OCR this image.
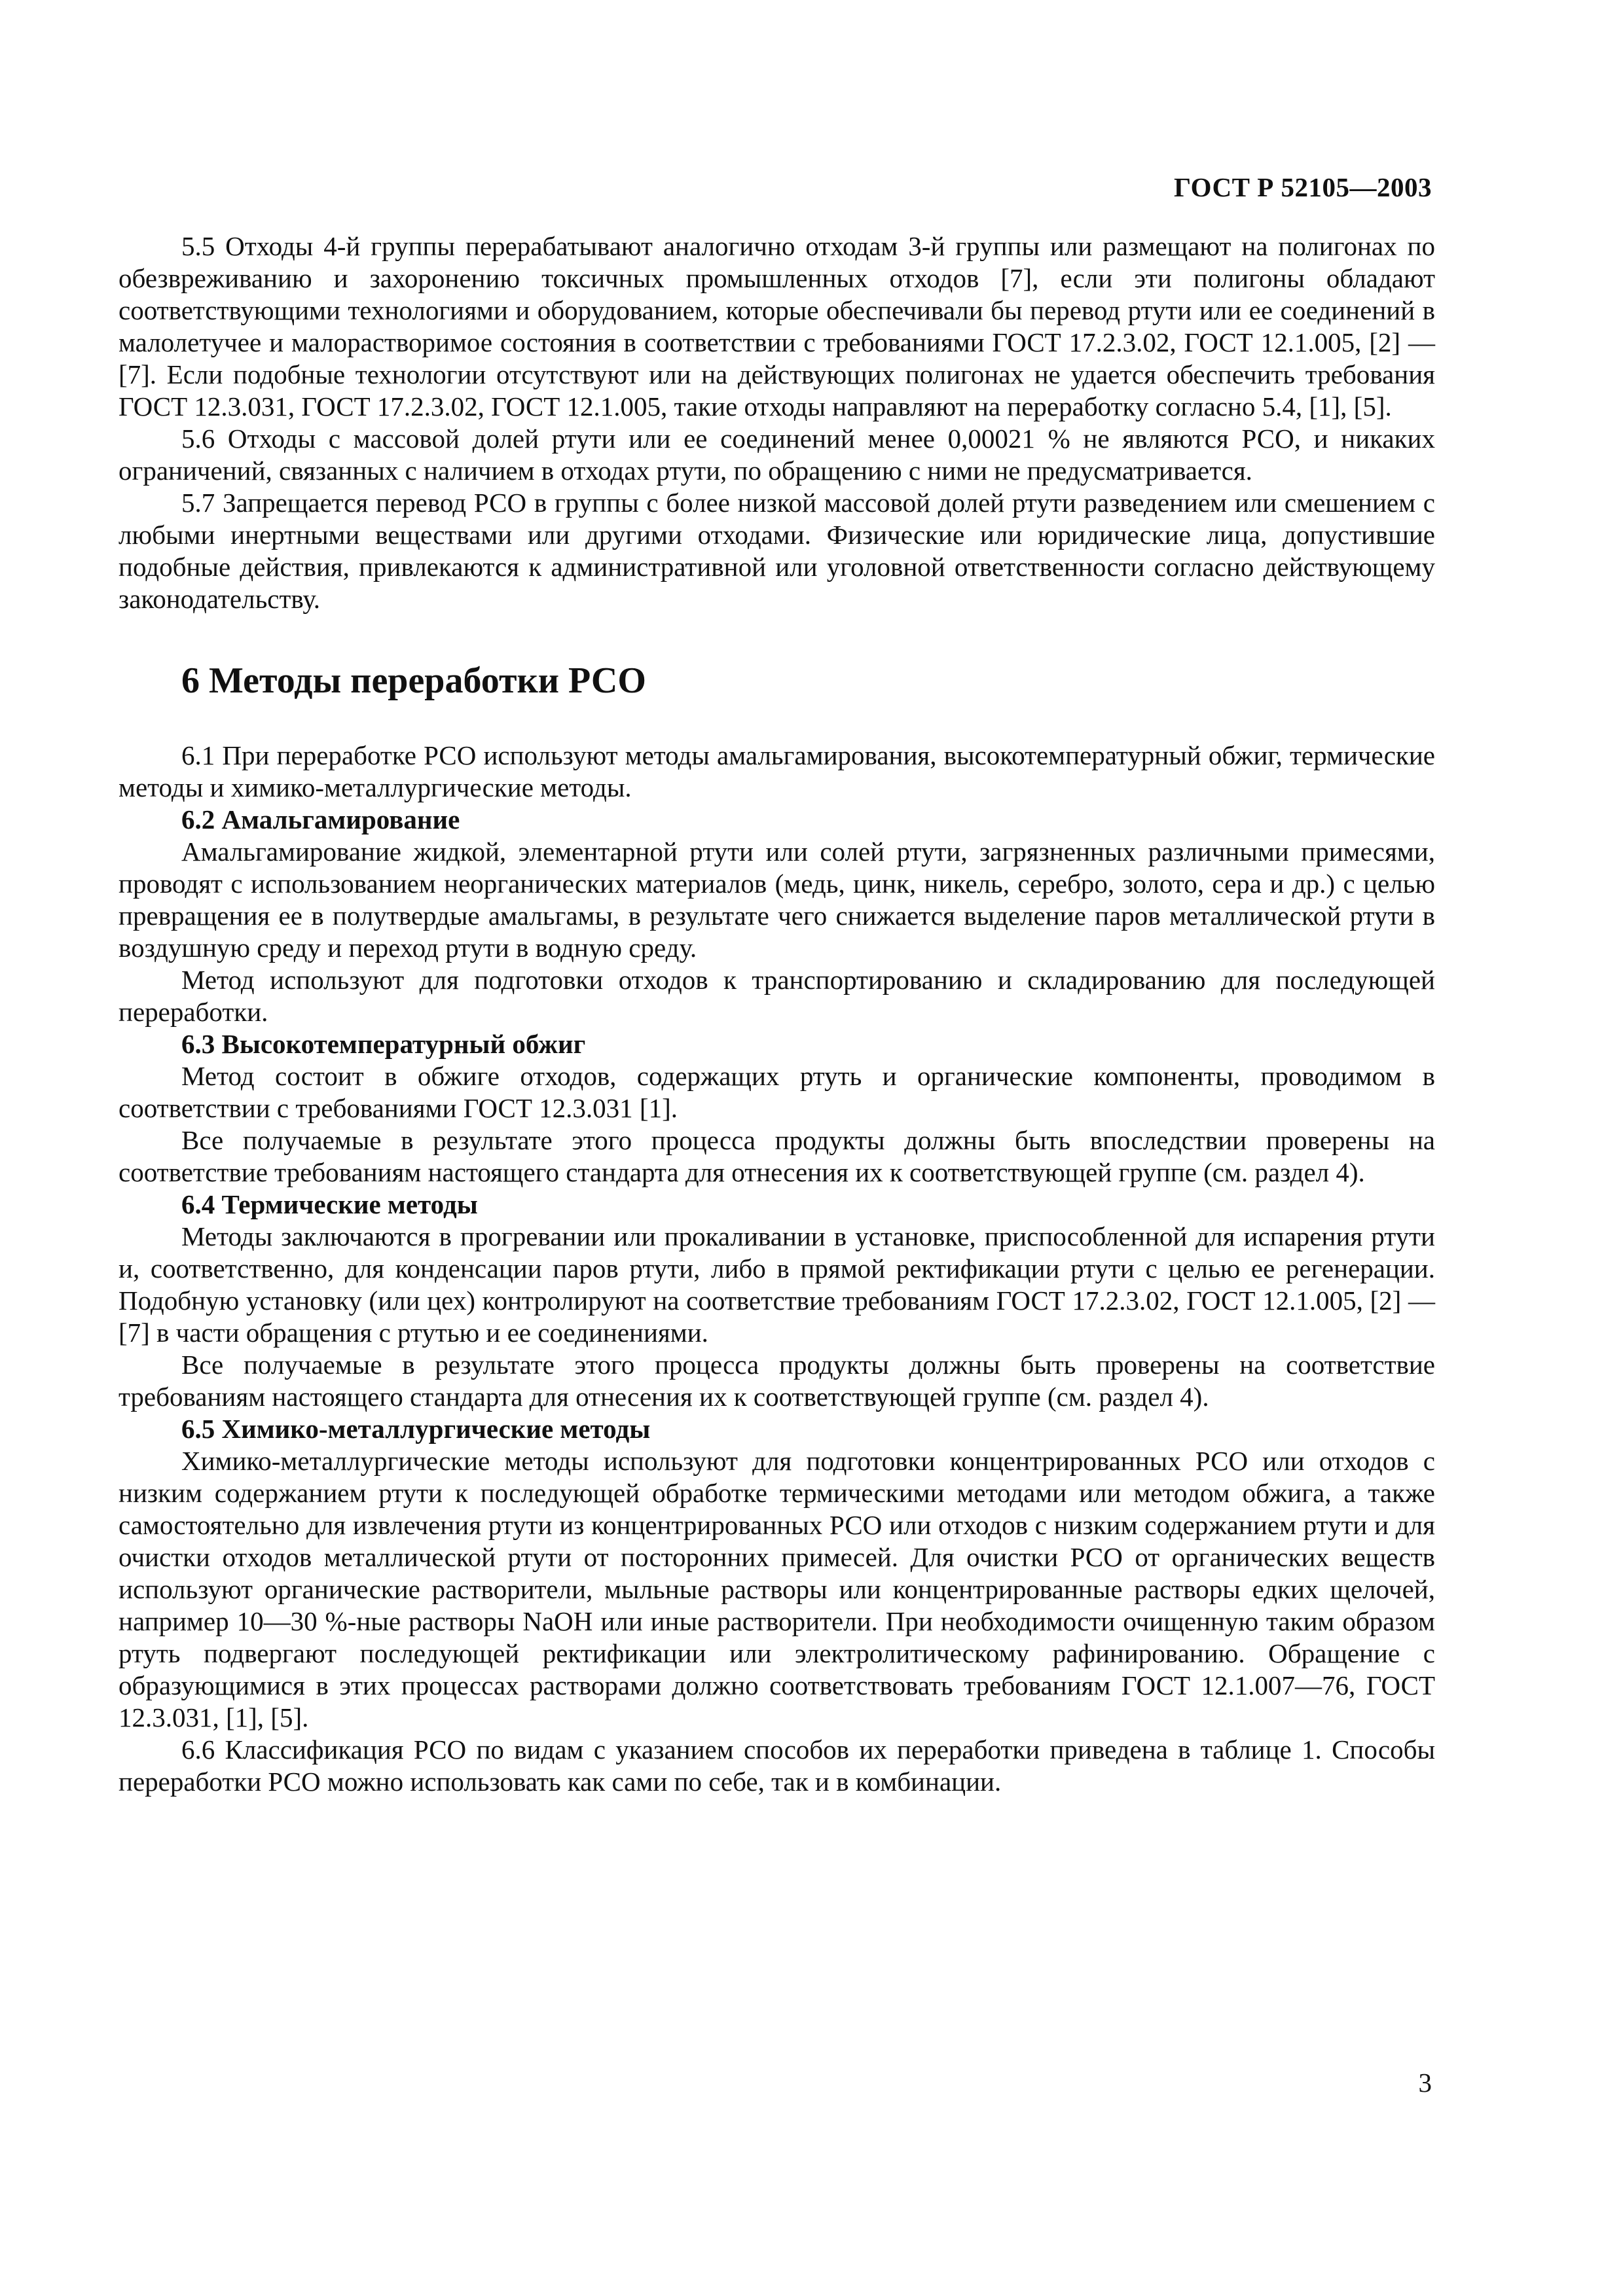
ГОСТ Р 52105—2003

5.5 Отходы 4-й группы перерабатывают аналогично отходам 3-й группы или размещают на полигонах по обезвреживанию и захоронению токсичных промышленных отходов [7], если эти полигоны обладают соответствующими технологиями и оборудованием, которые обеспечивали бы перевод ртути или ее соединений в малолетучее и малорастворимое состояния в соответствии с требованиями ГОСТ 17.2.3.02, ГОСТ 12.1.005, [2] — [7]. Если подобные технологии отсутствуют или на действующих полигонах не удается обеспечить требования ГОСТ 12.3.031, ГОСТ 17.2.3.02, ГОСТ 12.1.005, такие отходы направляют на переработку согласно 5.4, [1], [5].

5.6 Отходы с массовой долей ртути или ее соединений менее 0,00021 % не являются РСО, и никаких ограничений, связанных с наличием в отходах ртути, по обращению с ними не предусматривается.

5.7 Запрещается перевод РСО в группы с более низкой массовой долей ртути разведением или смешением с любыми инертными веществами или другими отходами. Физические или юридические лица, допустившие подобные действия, привлекаются к административной или уголовной ответственности согласно действующему законодательству.

6 Методы переработки РСО

6.1 При переработке РСО используют методы амальгамирования, высокотемпературный обжиг, термические методы и химико-металлургические методы.

6.2 Амальгамирование

Амальгамирование жидкой, элементарной ртути или солей ртути, загрязненных различными примесями, проводят с использованием неорганических материалов (медь, цинк, никель, серебро, золото, сера и др.) с целью превращения ее в полутвердые амальгамы, в результате чего снижается выделение паров металлической ртути в воздушную среду и переход ртути в водную среду.

Метод используют для подготовки отходов к транспортированию и складированию для последующей переработки.

6.3 Высокотемпературный обжиг

Метод состоит в обжиге отходов, содержащих ртуть и органические компоненты, проводимом в соответствии с требованиями ГОСТ 12.3.031 [1].

Все получаемые в результате этого процесса продукты должны быть впоследствии проверены на соответствие требованиям настоящего стандарта для отнесения их к соответствующей группе (см. раздел 4).

6.4 Термические методы

Методы заключаются в прогревании или прокаливании в установке, приспособленной для испарения ртути и, соответственно, для конденсации паров ртути, либо в прямой ректификации ртути с целью ее регенерации. Подобную установку (или цех) контролируют на соответствие требованиям ГОСТ 17.2.3.02, ГОСТ 12.1.005, [2] — [7] в части обращения с ртутью и ее соединениями.

Все получаемые в результате этого процесса продукты должны быть проверены на соответствие требованиям настоящего стандарта для отнесения их к соответствующей группе (см. раздел 4).

6.5 Химико-металлургические методы

Химико-металлургические методы используют для подготовки концентрированных РСО или отходов с низким содержанием ртути к последующей обработке термическими методами или методом обжига, а также самостоятельно для извлечения ртути из концентрированных РСО или отходов с низким содержанием ртути и для очистки отходов металлической ртути от посторонних примесей. Для очистки РСО от органических веществ используют органические растворители, мыльные растворы или концентрированные растворы едких щелочей, например 10—30 %-ные растворы NaOH или иные растворители. При необходимости очищенную таким образом ртуть подвергают последующей ректификации или электролитическому рафинированию. Обращение с образующимися в этих процессах растворами должно соответствовать требованиям ГОСТ 12.1.007—76, ГОСТ 12.3.031, [1], [5].

6.6 Классификация РСО по видам с указанием способов их переработки приведена в таблице 1. Способы переработки РСО можно использовать как сами по себе, так и в комбинации.

3
